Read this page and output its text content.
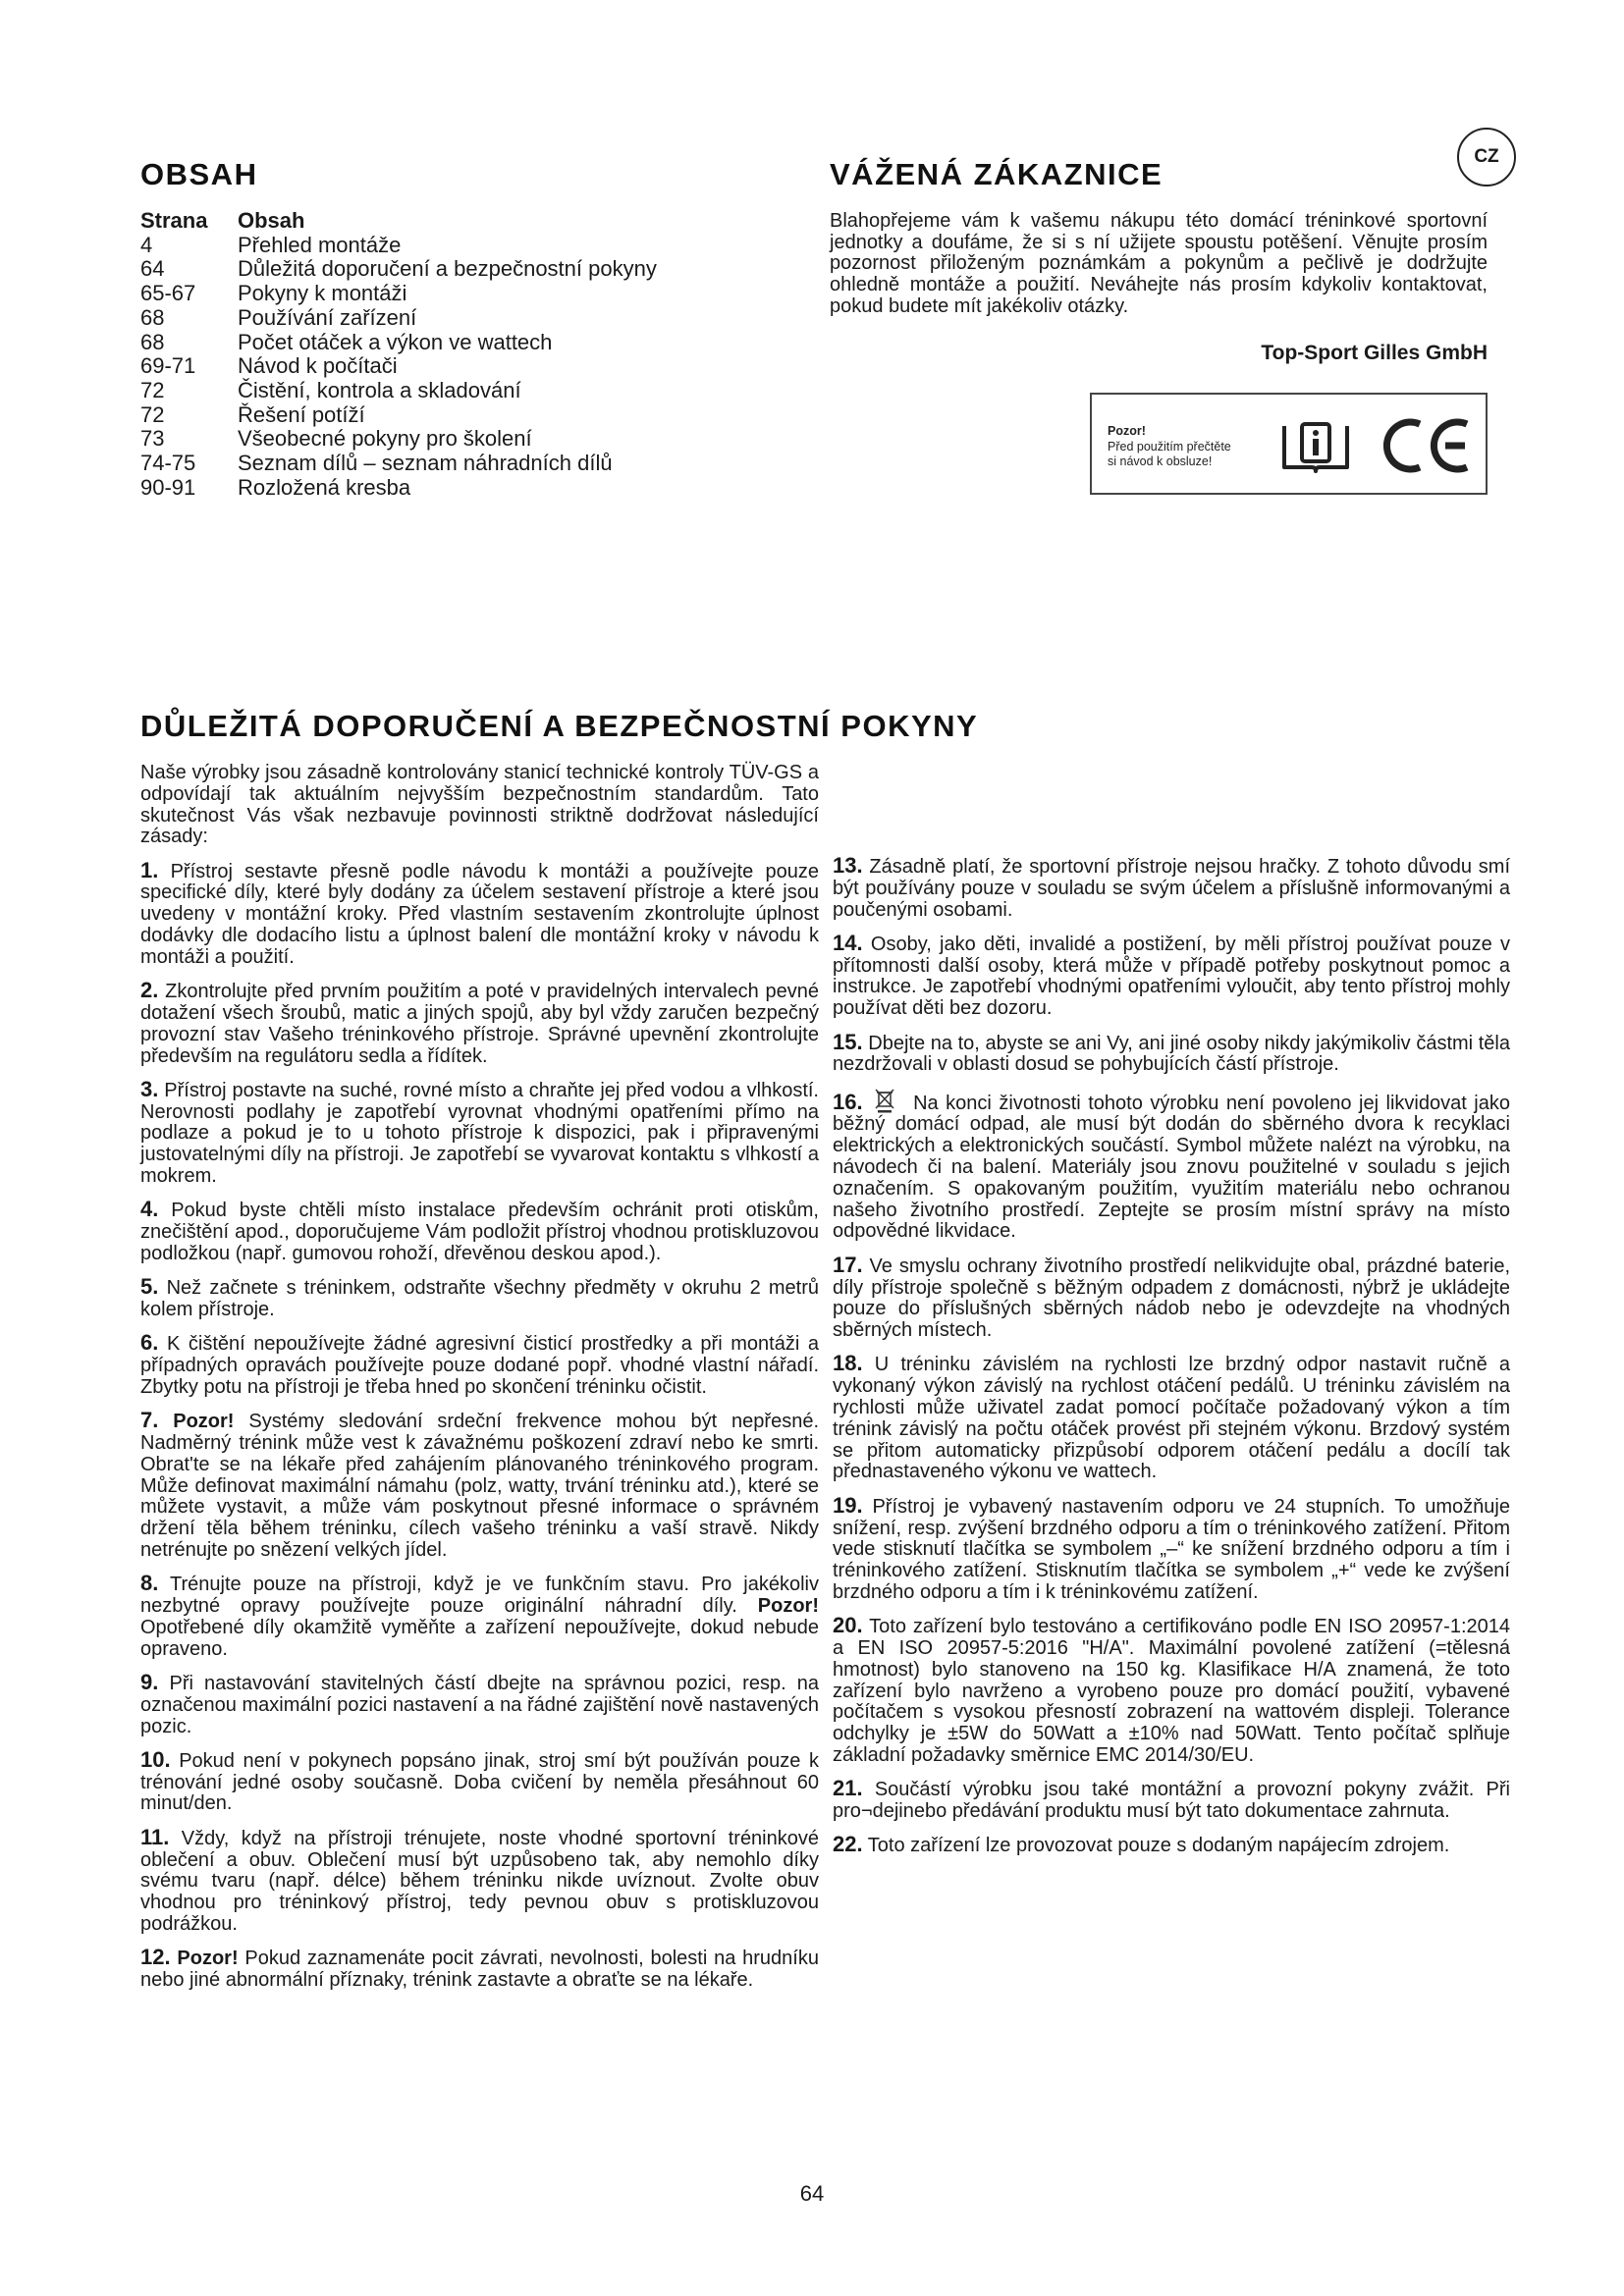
CZ
OBSAH
Strana	Obsah
4	Přehled montáže
64	Důležitá doporučení a bezpečnostní pokyny
65-67	Pokyny k montáži
68	Používání zařízení
68	Počet otáček a výkon ve wattech
69-71	Návod k počítači
72	Čistění, kontrola a skladování
72	Řešení potíží
73	Všeobecné pokyny pro školení
74-75	Seznam dílů – seznam náhradních dílů
90-91	Rozložená kresba
VÁŽENÁ ZÁKAZNICE

Blahopřejeme vám k vašemu nákupu této domácí tréninkové sportovní jednotky a doufáme, že si s ní užijete spoustu potěšení. Věnujte prosím pozornost přiloženým poznámkám a pokynům a pečlivě je dodržujte ohledně montáže a použití. Neváhejte nás prosím kdykoliv kontaktovat, pokud budete mít jakékoliv otázky.

Top-Sport Gilles GmbH
Pozor!
Před použitím přečtěte
si návod k obsluze!
DŮLEŽITÁ DOPORUČENÍ A BEZPEČNOSTNÍ POKYNY

Naše výrobky jsou zásadně kontrolovány stanicí technické kontroly TÜV-GS a odpovídají tak aktuálním nejvyšším bezpečnostním standardům. Tato skutečnost Vás však nezbavuje povinnosti striktně dodržovat následující zásady:

1. Přístroj sestavte přesně podle návodu k montáži a používejte pouze specifické díly, které byly dodány za účelem sestavení přístroje a které jsou uvedeny v montážní kroky. Před vlastním sestavením zkontrolujte úplnost dodávky dle dodacího listu a úplnost balení dle montážní kroky v návodu k montáži a použití.

2. Zkontrolujte před prvním použitím a poté v pravidelných intervalech pevné dotažení všech šroubů, matic a jiných spojů, aby byl vždy zaručen bezpečný provozní stav Vašeho tréninkového přístroje. Správné upevnění zkontrolujte především na regulátoru sedla a řídítek.

3. Přístroj postavte na suché, rovné místo a chraňte jej před vodou a vlhkostí. Nerovnosti podlahy je zapotřebí vyrovnat vhodnými opatřeními přímo na podlaze a pokud je to u tohoto přístroje k dispozici, pak i připravenými justovatelnými díly na přístroji. Je zapotřebí se vyvarovat kontaktu s vlhkostí a mokrem.

4. Pokud byste chtěli místo instalace především ochránit proti otiskům, znečištění apod., doporučujeme Vám podložit přístroj vhodnou protiskluzovou podložkou (např. gumovou rohoží, dřevěnou deskou apod.).

5. Než začnete s tréninkem, odstraňte všechny předměty v okruhu 2 metrů kolem přístroje.

6. K čištění nepoužívejte žádné agresivní čisticí prostředky a při montáži a případných opravách používejte pouze dodané popř. vhodné vlastní nářadí. Zbytky potu na přístroji je třeba hned po skončení tréninku očistit.

7. Pozor! Systémy sledování srdeční frekvence mohou být nepřesné. Nadměrný trénink může vest k závažnému poškození zdraví nebo ke smrti. Obrat'te se na lékaře před zahájením plánovaného tréninkového program. Může definovat maximální námahu (polz, watty, trvání tréninku atd.), které se můžete vystavit, a může vám poskytnout přesné informace o správném držení těla během tréninku, cílech vašeho tréninku a vaší stravě. Nikdy netrénujte po snězení velkých jídel.

8. Trénujte pouze na přístroji, když je ve funkčním stavu. Pro jakékoliv nezbytné opravy používejte pouze originální náhradní díly. Pozor! Opotřebené díly okamžitě vyměňte a zařízení nepoužívejte, dokud nebude opraveno.

9. Při nastavování stavitelných částí dbejte na správnou pozici, resp. na označenou maximální pozici nastavení a na řádné zajištění nově nastavených pozic.

10. Pokud není v pokynech popsáno jinak, stroj smí být používán pouze k trénování jedné osoby současně. Doba cvičení by neměla přesáhnout 60 minut/den.

11. Vždy, když na přístroji trénujete, noste vhodné sportovní tréninkové oblečení a obuv. Oblečení musí být uzpůsobeno tak, aby nemohlo díky svému tvaru (např. délce) během tréninku nikde uvíznout. Zvolte obuv vhodnou pro tréninkový přístroj, tedy pevnou obuv s protiskluzovou podrážkou.

12. Pozor! Pokud zaznamenáte pocit závrati, nevolnosti, bolesti na hrudníku nebo jiné abnormální příznaky, trénink zastavte a obraťte se na lékaře.

13. Zásadně platí, že sportovní přístroje nejsou hračky. Z tohoto důvodu smí být používány pouze v souladu se svým účelem a příslušně informovanými a poučenými osobami.

14. Osoby, jako děti, invalidé a postižení, by měli přístroj používat pouze v přítomnosti další osoby, která může v případě potřeby poskytnout pomoc a instrukce. Je zapotřebí vhodnými opatřeními vyloučit, aby tento přístroj mohly používat děti bez dozoru.

15. Dbejte na to, abyste se ani Vy, ani jiné osoby nikdy jakýmikoliv částmi těla nezdržovali v oblasti dosud se pohybujících částí přístroje.

16.	Na konci životnosti tohoto výrobku není povoleno jej likvidovat jako běžný domácí odpad, ale musí být dodán do sběrného dvora k recyklaci elektrických a elektronických součástí. Symbol můžete nalézt na výrobku, na návodech či na balení. Materiály jsou znovu použitelné v souladu s jejich označením. S opakovaným použitím, využitím materiálu nebo ochranou našeho životního prostředí. Zeptejte se prosím místní správy na místo odpovědné likvidace.

17. Ve smyslu ochrany životního prostředí nelikvidujte obal, prázdné baterie, díly přístroje společně s běžným odpadem z domácnosti, nýbrž je ukládejte pouze do příslušných sběrných nádob nebo je odevzdejte na vhodných sběrných místech.

18. U tréninku závislém na rychlosti lze brzdný odpor nastavit ručně a vykonaný výkon závislý na rychlost otáčení pedálů. U tréninku závislém na rychlosti může uživatel zadat pomocí počítače požadovaný výkon a tím trénink závislý na počtu otáček provést při stejném výkonu. Brzdový systém se přitom automaticky přizpůsobí odporem otáčení pedálu a docílí tak přednastaveného výkonu ve wattech.

19. Přístroj je vybavený nastavením odporu ve 24 stupních. To umožňuje snížení, resp. zvýšení brzdného odporu a tím o tréninkového zatížení. Přitom vede stisknutí tlačítka se symbolem „–“ ke snížení brzdného odporu a tím i tréninkového zatížení. Stisknutím tlačítka se symbolem „+“ vede ke zvýšení brzdného odporu a tím i k tréninkovému zatížení.

20. Toto zařízení bylo testováno a certifikováno podle EN ISO 20957-1:2014 a EN ISO 20957-5:2016 "H/A". Maximální povolené zatížení (=tělesná hmotnost) bylo stanoveno na 150 kg. Klasifikace H/A znamená, že toto zařízení bylo navrženo a vyrobeno pouze pro domácí použití, vybavené počítačem s vysokou přesností zobrazení na wattovém displeji. Tolerance odchylky je ±5W do 50Watt a ±10% nad 50Watt. Tento počítač splňuje základní požadavky směrnice EMC 2014/30/EU.

21. Součástí výrobku jsou také montážní a provozní pokyny zvážit. Při pro¬dejinebo předávání produktu musí být tato dokumentace zahrnuta.

22. Toto zařízení lze provozovat pouze s dodaným napájecím zdrojem.

64
